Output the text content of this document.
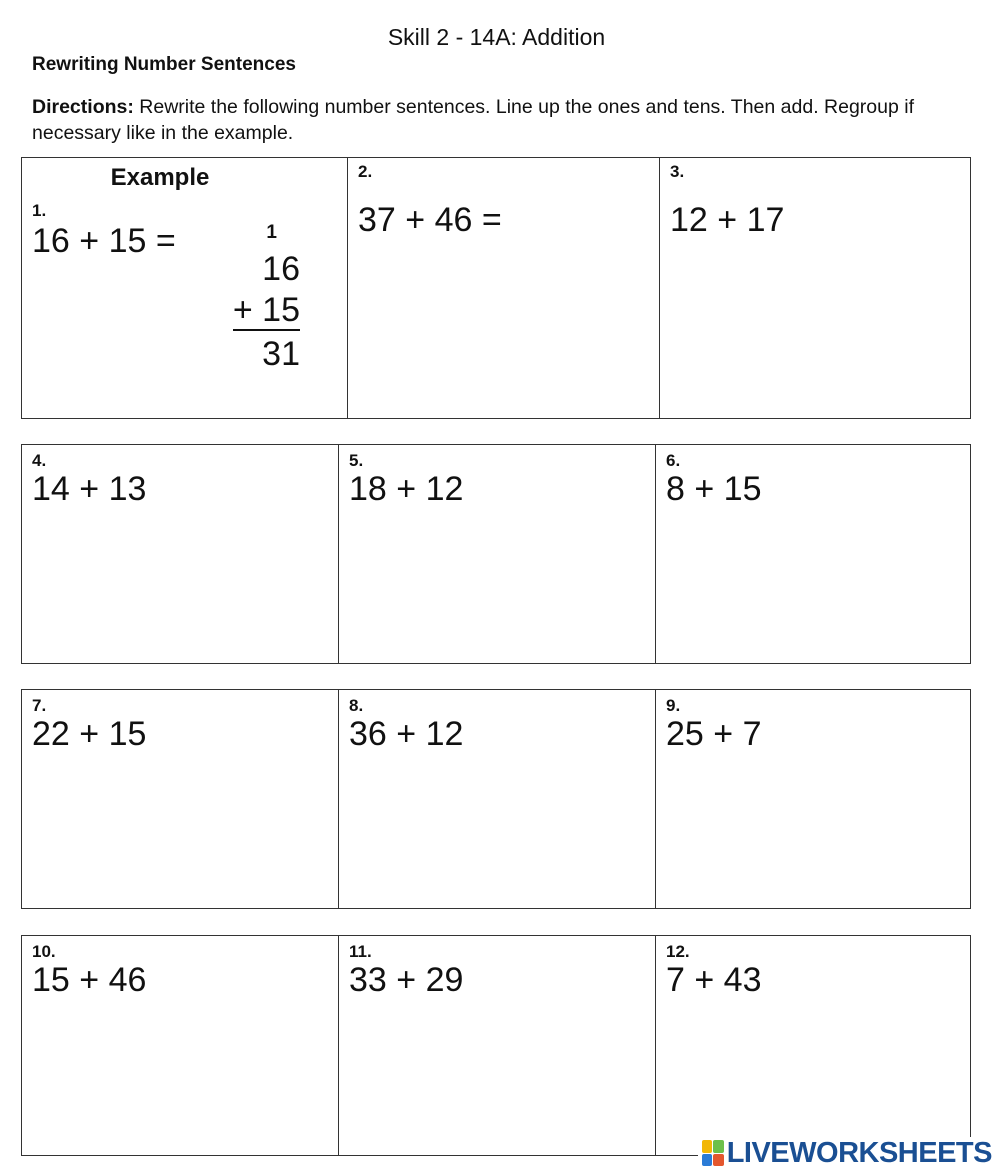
Skill 2 - 14A: Addition
Rewriting Number Sentences
Directions: Rewrite the following number sentences. Line up the ones and tens. Then add. Regroup if necessary like in the example.
Example
1.
16 + 15 =	1
16
+ 15
31
2.
37 + 46 =
3.
12 + 17
4.
14 + 13
5.
18 + 12
6.
8 + 15
7.
22 + 15
8.
36 + 12
9.
25 + 7
10.
15 + 46
11.
33 + 29
12.
7 + 43
LIVEWORKSHEETS
